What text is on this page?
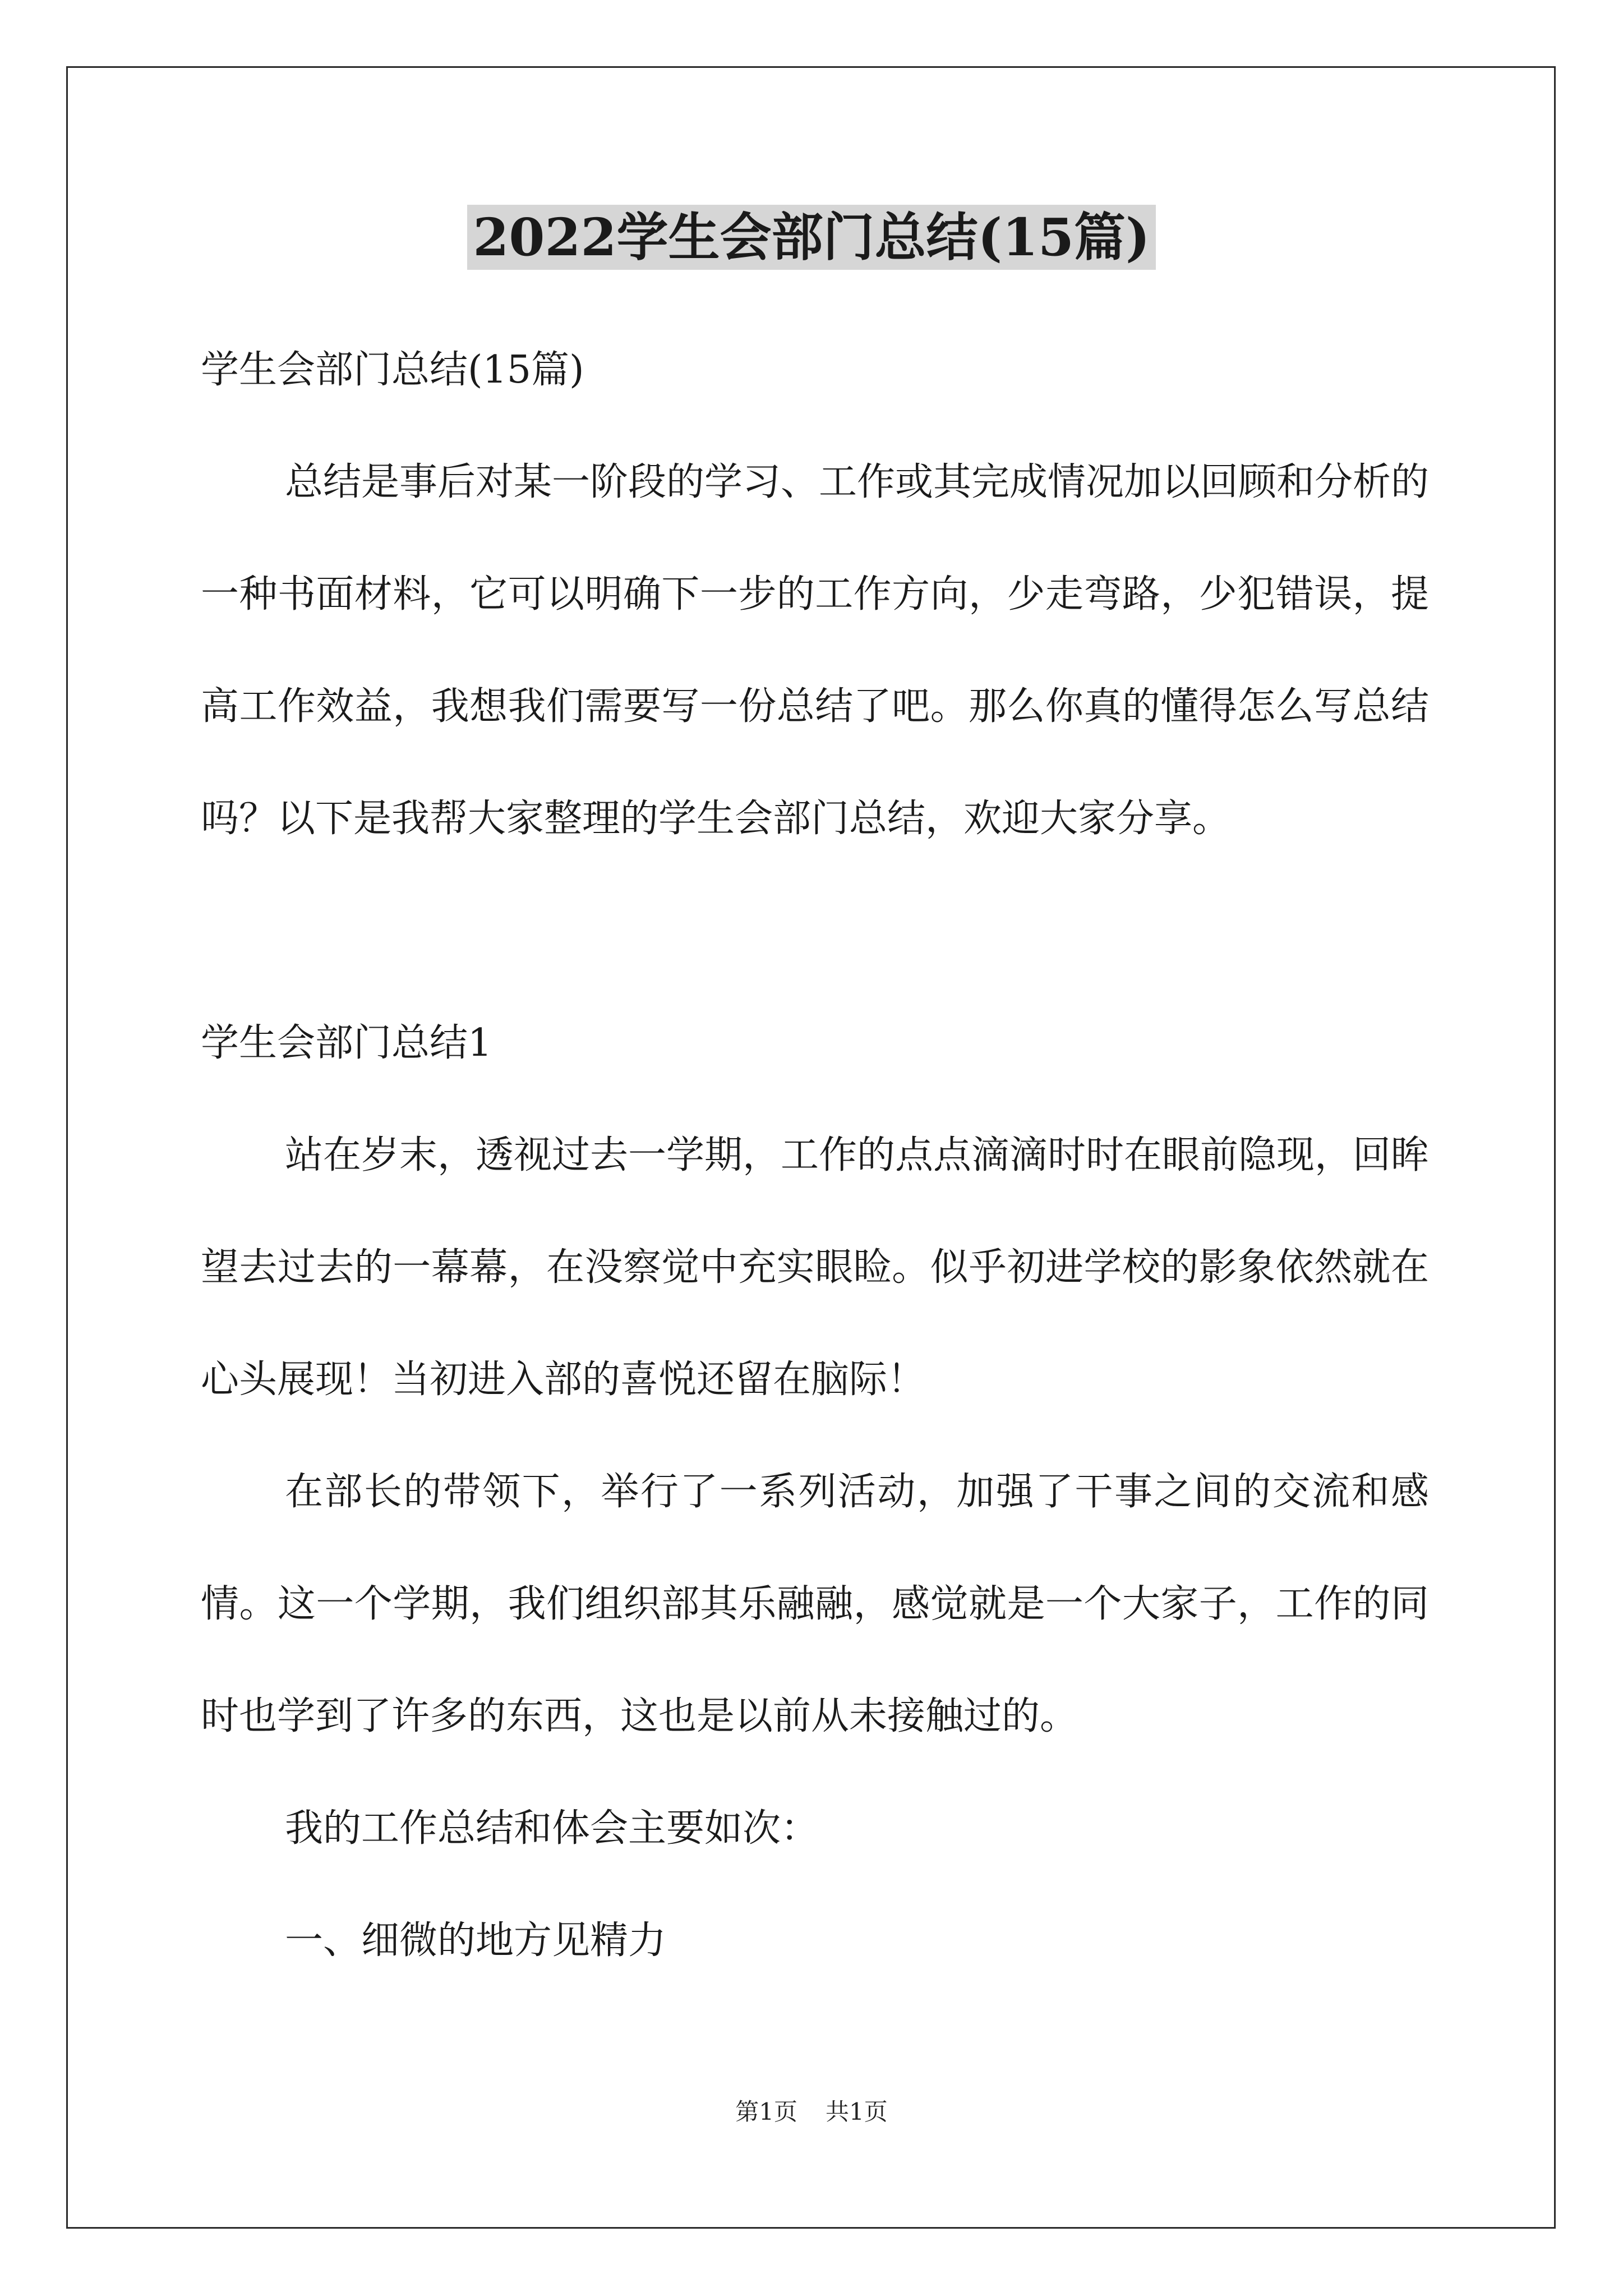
2022学生会部门总结(15篇)

学生会部门总结(15篇)

总结是事后对某一阶段的学习、工作或其完成情况加以回顾和分析的一种书面材料，它可以明确下一步的工作方向，少走弯路，少犯错误，提高工作效益，我想我们需要写一份总结了吧。那么你真的懂得怎么写总结吗？以下是我帮大家整理的学生会部门总结，欢迎大家分享。

学生会部门总结1

站在岁末，透视过去一学期，工作的点点滴滴时时在眼前隐现，回眸望去过去的一幕幕，在没察觉中充实眼睑。似乎初进学校的影象依然就在心头展现！当初进入部的喜悦还留在脑际！

在部长的带领下，举行了一系列活动，加强了干事之间的交流和感情。这一个学期，我们组织部其乐融融，感觉就是一个大家子，工作的同时也学到了许多的东西，这也是以前从未接触过的。

我的工作总结和体会主要如次：

一、细微的地方见精力

第1页 共1页
